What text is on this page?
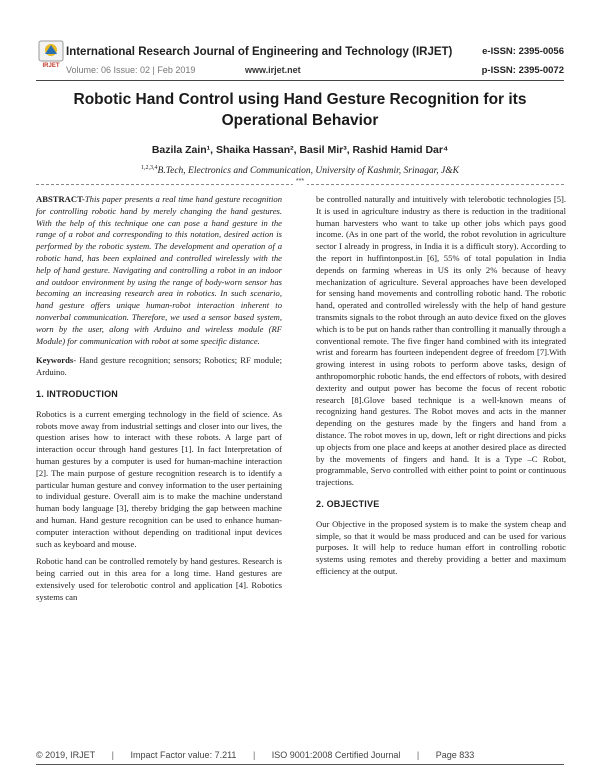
IRJET
International Research Journal of Engineering and Technology (IRJET)	e-ISSN: 2395-0056
Volume: 06 Issue: 02 | Feb 2019	www.irjet.net	p-ISSN: 2395-0072
Robotic Hand Control using Hand Gesture Recognition for its Operational Behavior
Bazila Zain¹, Shaika Hassan², Basil Mir³, Rashid Hamid Dar⁴
$^{1,2,3,4}$B.Tech, Electronics and Communication, University of Kashmir, Srinagar, J&K
***

ABSTRACT-This paper presents a real time hand gesture recognition for controlling robotic hand by merely changing the hand gestures. With the help of this technique one can pose a hand gesture in the range of a robot and corresponding to this notation, desired action is performed by the robotic system. The development and operation of a robotic hand, has been explained and controlled wirelessly with the help of hand gesture. Navigating and controlling a robot in an indoor and outdoor environment by using the range of body-worn sensor has becoming an increasing research area in robotics. In such scenario, hand gesture offers unique human-robot interaction inherent to nonverbal communication. Therefore, we used a sensor based system, worn by the user, along with Arduino and wireless module (RF Module) for communication with robot at some specific distance.

Keywords- Hand gesture recognition; sensors; Robotics; RF module; Arduino.

1. INTRODUCTION

Robotics is a current emerging technology in the field of science. As robots move away from industrial settings and closer into our lives, the question arises how to interact with these robots. A large part of interaction occur through hand gestures [1]. In fact Interpretation of human gestures by a computer is used for human-machine interaction [2]. The main purpose of gesture recognition research is to identify a particular human gesture and convey information to the user pertaining to individual gesture. Overall aim is to make the machine understand human body language [3], thereby bridging the gap between machine and human. Hand gesture recognition can be used to enhance human-computer interaction without depending on traditional input devices such as keyboard and mouse.

Robotic hand can be controlled remotely by hand gestures. Research is being carried out in this area for a long time. Hand gestures are extensively used for telerobotic control and application [4]. Robotics systems can

be controlled naturally and intuitively with telerobotic technologies [5]. It is used in agriculture industry as there is reduction in the traditional human harvesters who want to take up other jobs which pays good income. (As in one part of the world, the robot revolution in agriculture sector I already in progress, in India it is a difficult story). According to the report in huffintonpost.in [6], 55% of total population in India depends on farming whereas in US its only 2% because of heavy mechanization of agriculture. Several approaches have been developed for sensing hand movements and controlling robotic hand. The robotic hand, operated and controlled wirelessly with the help of hand gesture transmits signals to the robot through an auto device fixed on the gloves which is to be put on hands rather than controlling it manually through a conventional remote. The five finger hand combined with its integrated wrist and forearm has fourteen independent degree of freedom [7].With growing interest in using robots to perform above tasks, design of anthropomorphic robotic hands, the end effectors of robots, with desired dexterity and output power has become the focus of recent robotic research [8].Glove based technique is a well-known means of recognizing hand gestures. The Robot moves and acts in the manner depending on the gestures made by the fingers and hand from a distance. The robot moves in up, down, left or right directions and picks up objects from one place and keeps at another desired place as directed by the movements of fingers and hand. It is a Type –C Robot, programmable, Servo controlled with either point to point or continuous trajections.

2. OBJECTIVE

Our Objective in the proposed system is to make the system cheap and simple, so that it would be mass produced and can be used for various purposes. It will help to reduce human effort in controlling robotic systems using remotes and thereby providing a better and maximum efficiency at the output.

© 2019, IRJET | Impact Factor value: 7.211 | ISO 9001:2008 Certified Journal | Page 833
